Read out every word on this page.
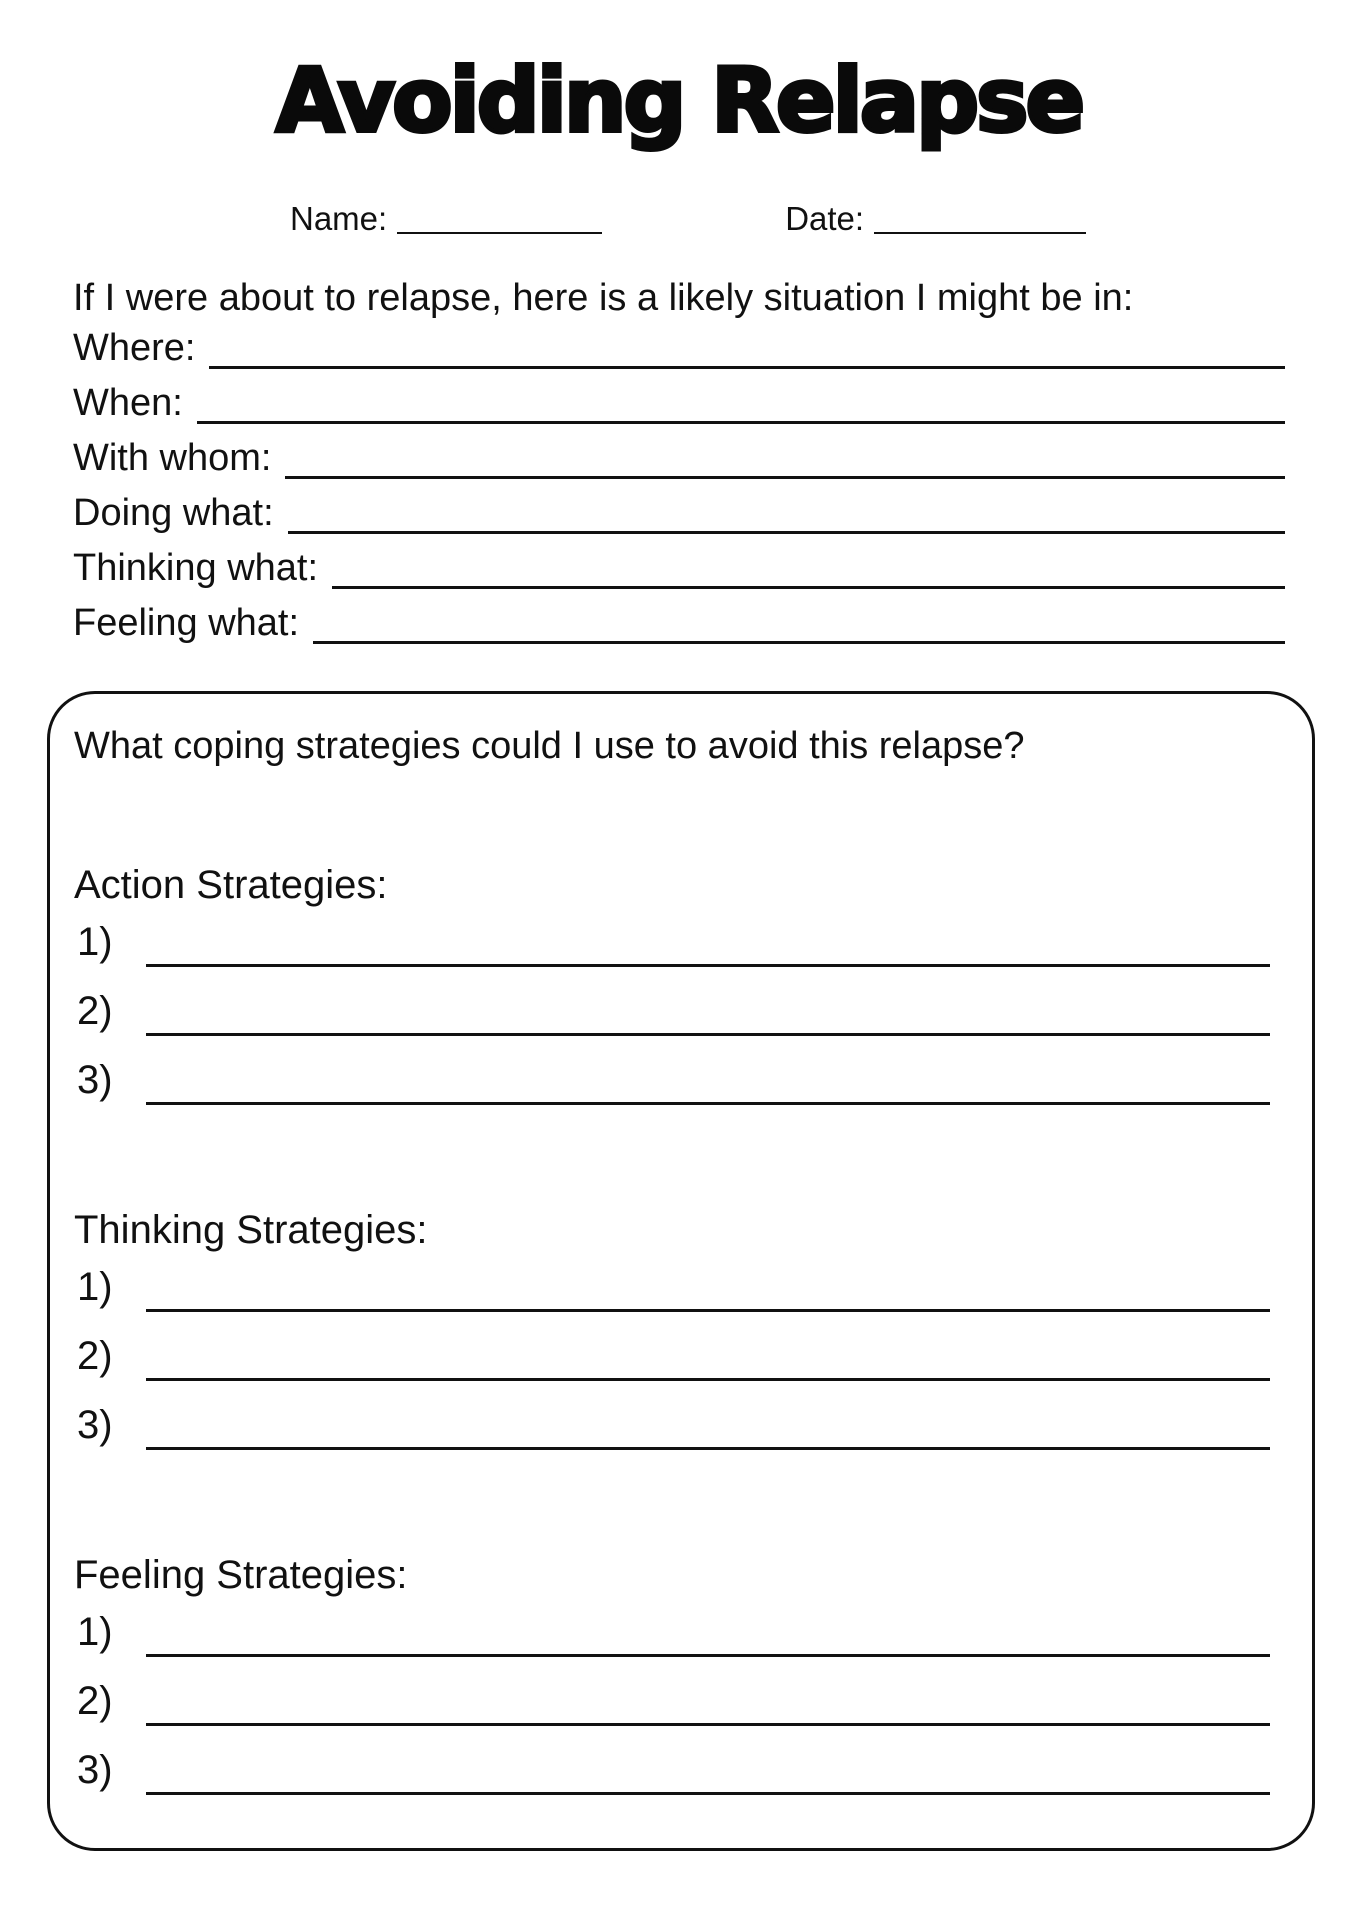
Avoiding Relapse
Name:	Date:
If I were about to relapse, here is a likely situation I might be in:
Where:
When:
With whom:
Doing what:
Thinking what:
Feeling what:
What coping strategies could I use to avoid this relapse?
Action Strategies:
1)
2)
3)
Thinking Strategies:
1)
2)
3)
Feeling Strategies:
1)
2)
3)
